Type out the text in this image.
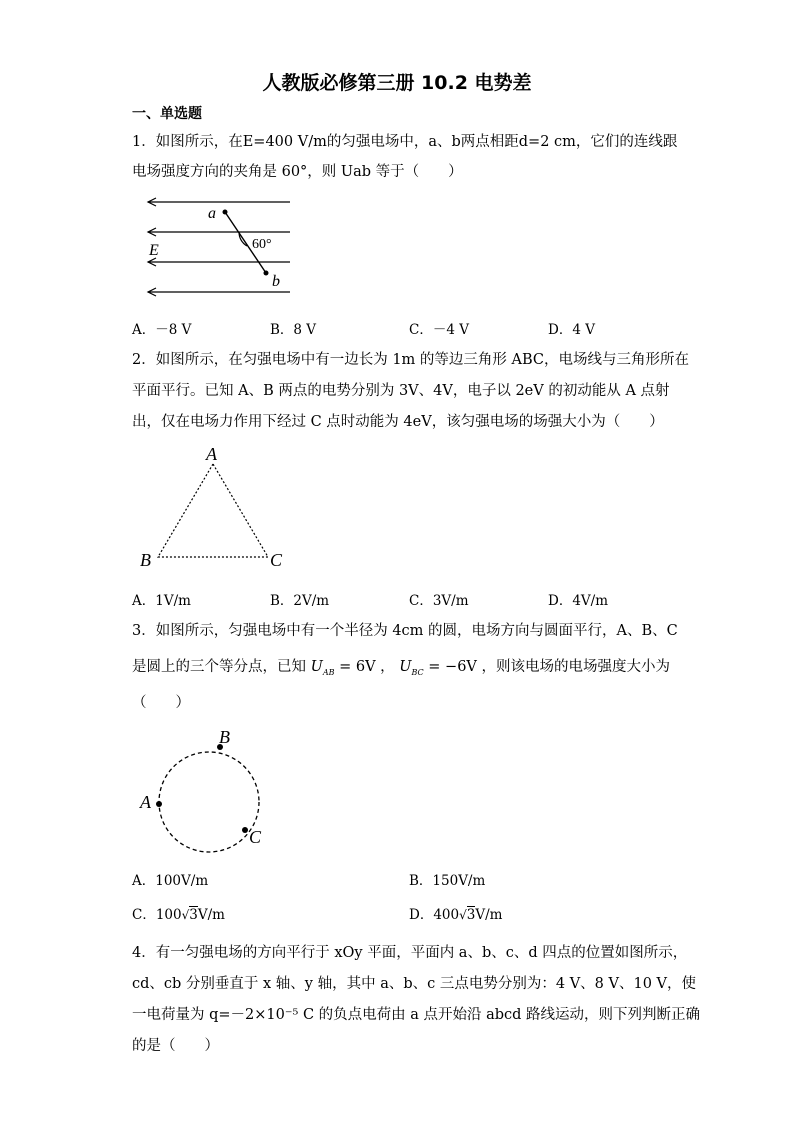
人教版必修第三册 10.2 电势差
一、单选题
1．如图所示，在E=400 V/m的匀强电场中，a、b两点相距d=2 cm，它们的连线跟
电场强度方向的夹角是 60°，则 Uab 等于（　　）
a
b
E	60°
A．－8 V	B．8 V	C．－4 V	D．4 V
2．如图所示，在匀强电场中有一边长为 1m 的等边三角形 ABC，电场线与三角形所在
平面平行。已知 A、B 两点的电势分别为 3V、4V，电子以 2eV 的初动能从 A 点射
出，仅在电场力作用下经过 C 点时动能为 4eV，该匀强电场的场强大小为（　　）
A
B	C
A．1V/m	B．2V/m	C．3V/m	D．4V/m
3．如图所示，匀强电场中有一个半径为 4cm 的圆，电场方向与圆面平行，A、B、C
是圆上的三个等分点，已知 $U_{AB} = 6V$ ， $U_{BC} = -6V$ ，则该电场的电场强度大小为
（　　）
A
B
C
A．100V/m	B．150V/m
C．100√3V/m	D．400√3V/m
4．有一匀强电场的方向平行于 xOy 平面，平面内 a、b、c、d 四点的位置如图所示，
cd、cb 分别垂直于 x 轴、y 轴，其中 a、b、c 三点电势分别为：4 V、8 V、10 V，使
一电荷量为 q=－2×10⁻⁵ C 的负点电荷由 a 点开始沿 abcd 路线运动，则下列判断正确
的是（　　）
